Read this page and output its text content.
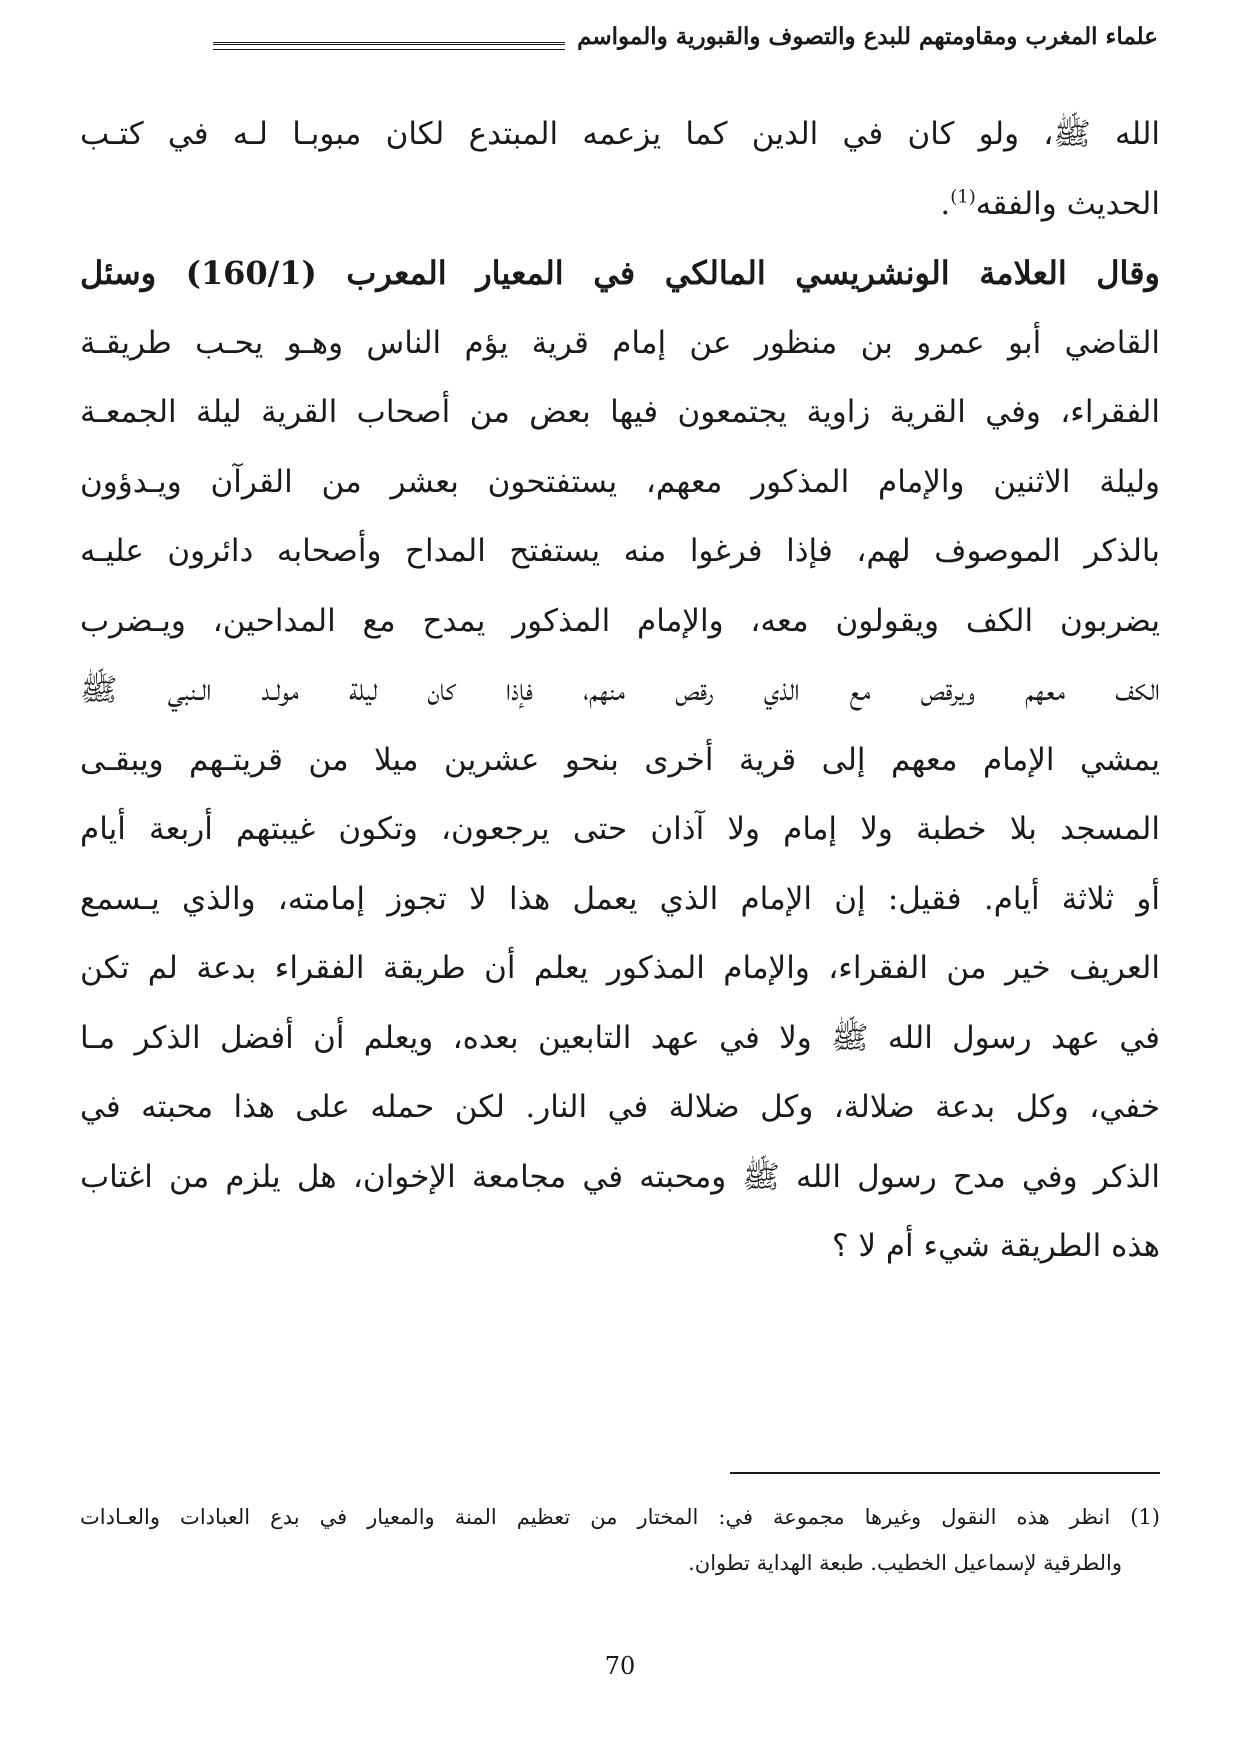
علماء المغرب ومقاومتهم للبدع والتصوف والقبورية والمواسم
الله ﷺ، ولو كان في الدين كما يزعمه المبتدع لكان مبوبـا لـه في كتـب
الحديث والفقه$^{(1)}$.
وقال العلامة الونشريسي المالكي في المعيار المعرب (160/1) وسئل
القاضي أبو عمرو بن منظور عن إمام قرية يؤم الناس وهـو يحـب طريقـة
الفقراء، وفي القرية زاوية يجتمعون فيها بعض من أصحاب القرية ليلة الجمعـة
وليلة الاثنين والإمام المذكور معهم، يستفتحون بعشر من القرآن ويـدؤون
بالذكر الموصوف لهم، فإذا فرغوا منه يستفتح المداح وأصحابه دائرون عليـه
يضربون الكف ويقولون معه، والإمام المذكور يمدح مع المداحين، ويـضرب
الكف معهم ويرقص مع الذي رقص منهم، فإذا كان ليلة مولـد الـنبي ﷺ
يمشي الإمام معهم إلى قرية أخرى بنحو عشرين ميلا من قريتـهم ويبقـى
المسجد بلا خطبة ولا إمام ولا آذان حتى يرجعون، وتكون غيبتهم أربعة أيام
أو ثلاثة أيام. فقيل: إن الإمام الذي يعمل هذا لا تجوز إمامته، والذي يـسمع
العريف خير من الفقراء، والإمام المذكور يعلم أن طريقة الفقراء بدعة لم تكن
في عهد رسول الله ﷺ ولا في عهد التابعين بعده، ويعلم أن أفضل الذكر مـا
خفي، وكل بدعة ضلالة، وكل ضلالة في النار. لكن حمله على هذا محبته في
الذكر وفي مدح رسول الله ﷺ ومحبته في مجامعة الإخوان، هل يلزم من اغتاب
هذه الطريقة شيء أم لا ؟
(1) انظر هذه النقول وغيرها مجموعة في: المختار من تعظيم المنة والمعيار في بدع العبادات والعـادات
والطرقية لإسماعيل الخطيب. طبعة الهداية تطوان.
70
